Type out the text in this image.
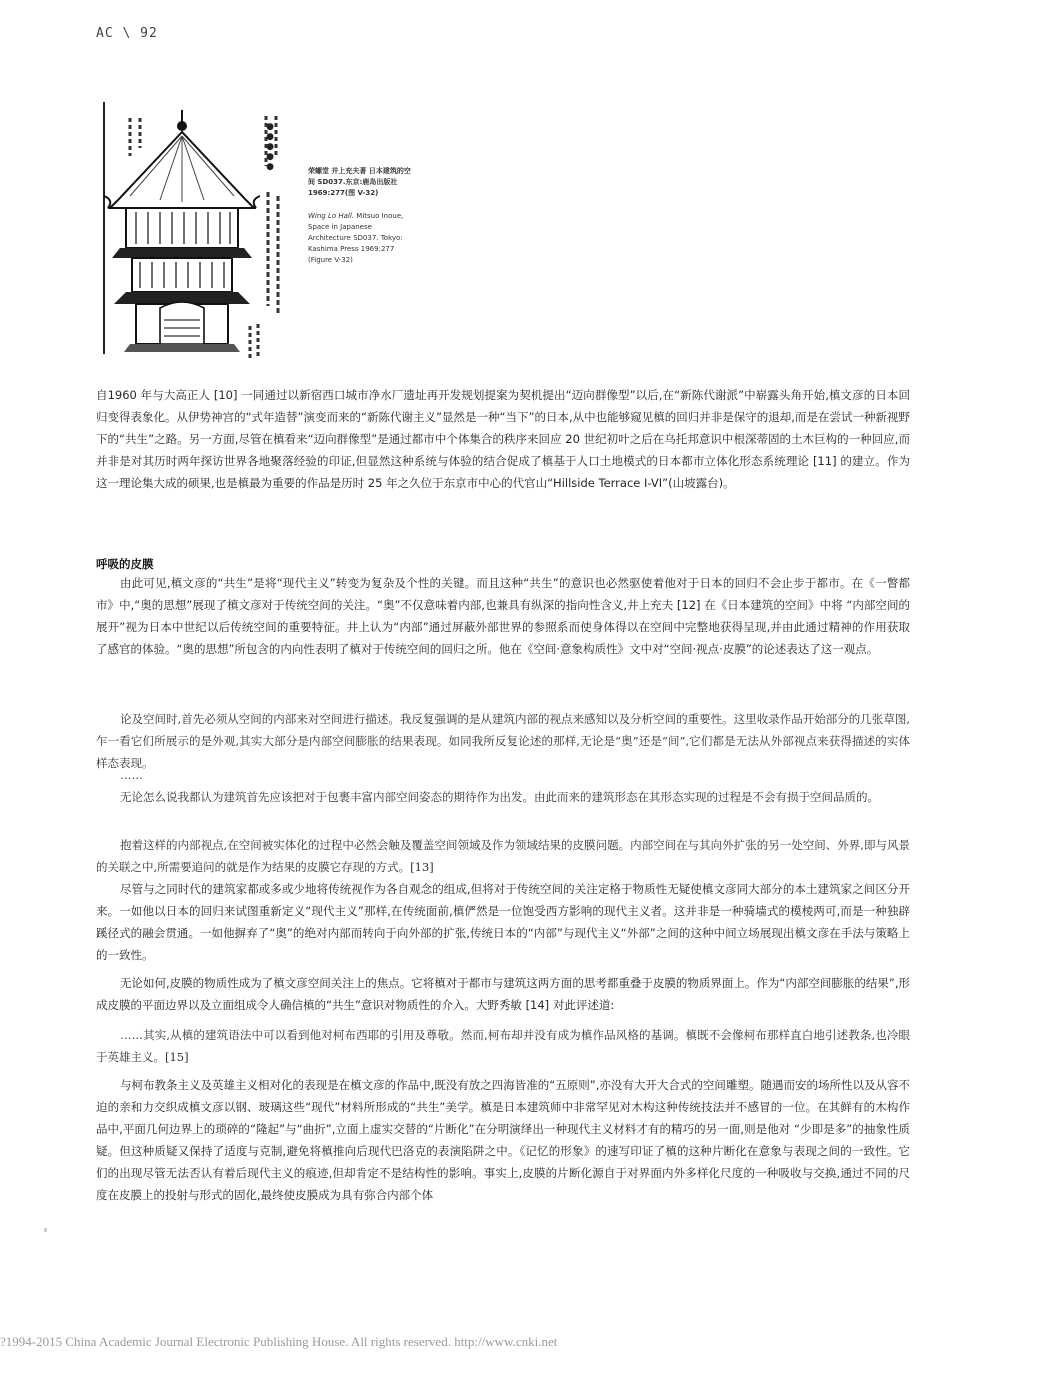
AC \ 92
●●●●●	荣螺堂 井上充夫著 日本建筑的空间 SD037.东京:鹿岛出版社 1969:277(图 V-32)
Wing Lo Hall. Mitsuo Inoue, Space in Japanese Architecture SD037. Tokyo: Kashima Press 1969:277 (Figure V-32)

自1960 年与大高正人 [10] 一同通过以新宿西口城市净水厂遗址再开发规划提案为契机提出“迈向群像型”以后,在“新陈代谢派”中崭露头角开始,槙文彦的日本回归变得表象化。从伊势神宫的“式年造替”演变而来的“新陈代谢主义”显然是一种“当下”的日本,从中也能够窥见槙的回归并非是保守的退却,而是在尝试一种新视野下的“共生”之路。另一方面,尽管在槙看来“迈向群像型”是通过都市中个体集合的秩序来回应 20 世纪初叶之后在乌托邦意识中根深蒂固的土木巨构的一种回应,而并非是对其历时两年探访世界各地聚落经验的印证,但显然这种系统与体验的结合促成了槙基于人口土地模式的日本都市立体化形态系统理论 [11] 的建立。作为这一理论集大成的硕果,也是槙最为重要的作品是历时 25 年之久位于东京市中心的代官山“Hillside Terrace I-VI”(山坡露台)。

呼吸的皮膜

由此可见,槙文彦的“共生”是将“现代主义”转变为复杂及个性的关键。而且这种“共生”的意识也必然驱使着他对于日本的回归不会止步于都市。在《一瞥都市》中,“奥的思想”展现了槙文彦对于传统空间的关注。“奥”不仅意味着内部,也兼具有纵深的指向性含义,井上充夫 [12] 在《日本建筑的空间》中将 “内部空间的展开”视为日本中世纪以后传统空间的重要特征。井上认为“内部”通过屏蔽外部世界的参照系而使身体得以在空间中完整地获得呈现,并由此通过精神的作用获取了感官的体验。“奥的思想”所包含的内向性表明了槙对于传统空间的回归之所。他在《空间·意象构质性》文中对“空间·视点·皮膜”的论述表达了这一观点。

论及空间时,首先必须从空间的内部来对空间进行描述。我反复强调的是从建筑内部的视点来感知以及分析空间的重要性。这里收录作品开始部分的几张草图,乍一看它们所展示的是外观,其实大部分是内部空间膨胀的结果表现。如同我所反复论述的那样,无论是“奥”还是“间”,它们都是无法从外部视点来获得描述的实体样态表现。

……

无论怎么说我都认为建筑首先应该把对于包裹丰富内部空间姿态的期待作为出发。由此而来的建筑形态在其形态实现的过程是不会有损于空间品质的。

抱着这样的内部视点,在空间被实体化的过程中必然会触及覆盖空间领域及作为领域结果的皮膜问题。内部空间在与其向外扩张的另一处空间、外界,即与风景的关联之中,所需要追问的就是作为结果的皮膜它存现的方式。[13]

尽管与之同时代的建筑家都或多或少地将传统视作为各自观念的组成,但将对于传统空间的关注定格于物质性无疑使槙文彦同大部分的本土建筑家之间区分开来。一如他以日本的回归来试图重新定义“现代主义”那样,在传统面前,槙俨然是一位饱受西方影响的现代主义者。这并非是一种骑墙式的模棱两可,而是一种独辟蹊径式的融会贯通。一如他摒弃了“奥”的绝对内部而转向于向外部的扩张,传统日本的“内部”与现代主义“外部”之间的这种中间立场展现出槙文彦在手法与策略上的一致性。

无论如何,皮膜的物质性成为了槙文彦空间关注上的焦点。它将槙对于都市与建筑这两方面的思考都重叠于皮膜的物质界面上。作为“内部空间膨胀的结果”,形成皮膜的平面边界以及立面组成令人确信槙的“共生”意识对物质性的介入。大野秀敏 [14] 对此评述道:

……其实,从槙的建筑语法中可以看到他对柯布西耶的引用及尊敬。然而,柯布却并没有成为槙作品风格的基调。槙既不会像柯布那样直白地引述教条,也冷眼于英雄主义。[15]

与柯布教条主义及英雄主义相对化的表现是在槙文彦的作品中,既没有放之四海皆准的“五原则”,亦没有大开大合式的空间雕塑。随遇而安的场所性以及从容不迫的亲和力交织成槙文彦以钢、玻璃这些“现代”材料所形成的“共生”美学。槙是日本建筑师中非常罕见对木构这种传统技法并不感冒的一位。在其鲜有的木构作品中,平面几何边界上的琐碎的“隆起”与“曲折”,立面上虚实交替的“片断化”在分明演绎出一种现代主义材料才有的精巧的另一面,则是他对 “少即是多”的抽象性质疑。但这种质疑又保持了适度与克制,避免将槙推向后现代巴洛克的表演陷阱之中。《记忆的形象》的速写印证了槙的这种片断化在意象与表现之间的一致性。它们的出现尽管无法否认有着后现代主义的痕迹,但却肯定不是结构性的影响。事实上,皮膜的片断化源自于对界面内外多样化尺度的一种吸收与交换,通过不同的尺度在皮膜上的投射与形式的固化,最终使皮膜成为具有弥合内部个体

?1994-2015 China Academic Journal Electronic Publishing House. All rights reserved. http://www.cnki.net
